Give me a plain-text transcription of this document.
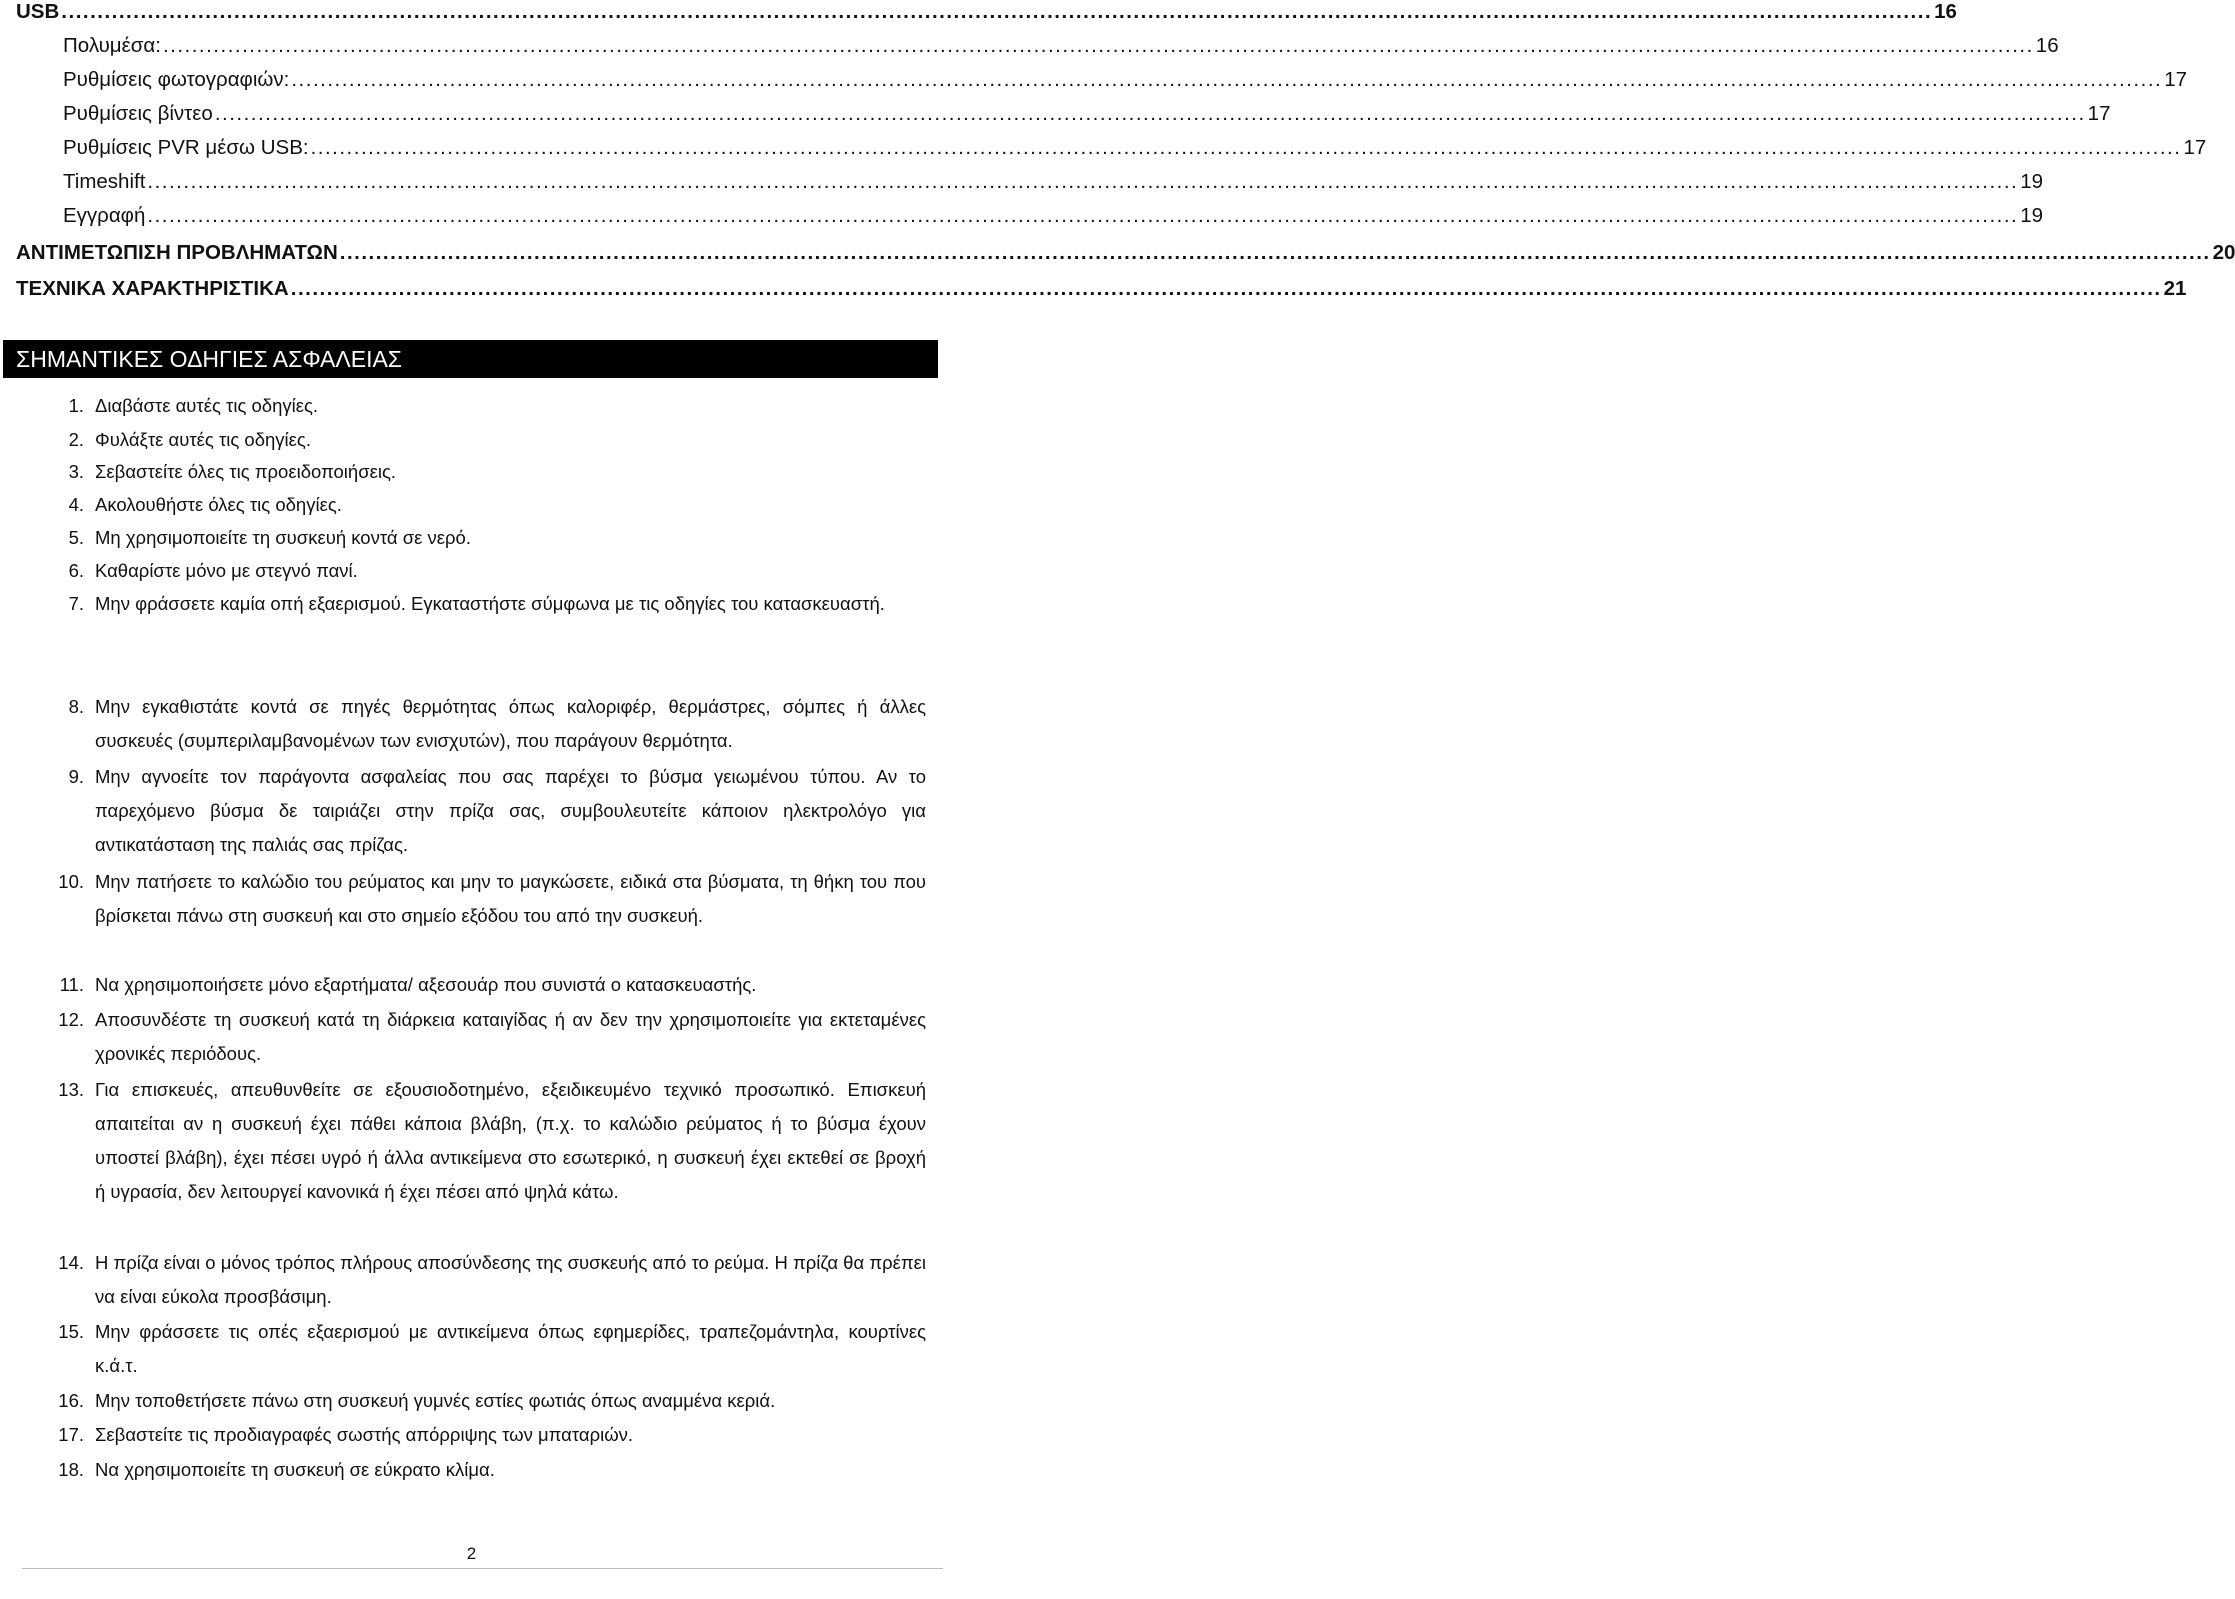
USB .....	16
Πολυμέσα: .....	16
Ρυθμίσεις φωτογραφιών: .....	17
Ρυθμίσεις βίντεο .....	17
Ρυθμίσεις PVR μέσω USB: .....	17
Timeshift .....	19
Εγγραφή .....	19
ΑΝΤΙΜΕΤΩΠΙΣΗ ΠΡΟΒΛΗΜΑΤΩΝ .....	20
ΤΕΧΝΙΚΑ ΧΑΡΑΚΤΗΡΙΣΤΙΚΑ .....	21
ΣΗΜΑΝΤΙΚΕΣ ΟΔΗΓΙΕΣ ΑΣΦΑΛΕΙΑΣ
1. Διαβάστε αυτές τις οδηγίες.
2. Φυλάξτε αυτές τις οδηγίες.
3. Σεβαστείτε όλες τις προειδοποιήσεις.
4. Ακολουθήστε όλες τις οδηγίες.
5. Μη χρησιμοποιείτε τη συσκευή κοντά σε νερό.
6. Καθαρίστε μόνο με στεγνό πανί.
7. Μην φράσσετε καμία οπή εξαερισμού. Εγκαταστήστε σύμφωνα με τις οδηγίες του κατασκευαστή.
8. Μην εγκαθιστάτε κοντά σε πηγές θερμότητας όπως καλοριφέρ, θερμάστρες, σόμπες ή άλλες συσκευές (συμπεριλαμβανομένων των ενισχυτών), που παράγουν θερμότητα.
9. Μην αγνοείτε τον παράγοντα ασφαλείας που σας παρέχει το βύσμα γειωμένου τύπου. Αν το παρεχόμενο βύσμα δε ταιριάζει στην πρίζα σας, συμβουλευτείτε κάποιον ηλεκτρολόγο για αντικατάσταση της παλιάς σας πρίζας.
10. Μην πατήσετε το καλώδιο του ρεύματος και μην το μαγκώσετε, ειδικά στα βύσματα, τη θήκη του που βρίσκεται πάνω στη συσκευή και στο σημείο εξόδου του από την συσκευή.
11. Να χρησιμοποιήσετε μόνο εξαρτήματα/ αξεσουάρ που συνιστά ο κατασκευαστής.
12. Αποσυνδέστε τη συσκευή κατά τη διάρκεια καταιγίδας ή αν δεν την χρησιμοποιείτε για εκτεταμένες χρονικές περιόδους.
13. Για επισκευές, απευθυνθείτε σε εξουσιοδοτημένο, εξειδικευμένο τεχνικό προσωπικό. Επισκευή απαιτείται αν η συσκευή έχει πάθει κάποια βλάβη, (π.χ. το καλώδιο ρεύματος ή το βύσμα έχουν υποστεί βλάβη), έχει πέσει υγρό ή άλλα αντικείμενα στο εσωτερικό, η συσκευή έχει εκτεθεί σε βροχή ή υγρασία, δεν λειτουργεί κανονικά ή έχει πέσει από ψηλά κάτω.
14. Η πρίζα είναι ο μόνος τρόπος πλήρους αποσύνδεσης της συσκευής από το ρεύμα. Η πρίζα θα πρέπει να είναι εύκολα προσβάσιμη.
15. Μην φράσσετε τις οπές εξαερισμού με αντικείμενα όπως εφημερίδες, τραπεζομάντηλα, κουρτίνες κ.ά.τ.
16. Μην τοποθετήσετε πάνω στη συσκευή γυμνές εστίες φωτιάς όπως αναμμένα κεριά.
17. Σεβαστείτε τις προδιαγραφές σωστής απόρριψης των μπαταριών.
18. Να χρησιμοποιείτε τη συσκευή σε εύκρατο κλίμα.
2
